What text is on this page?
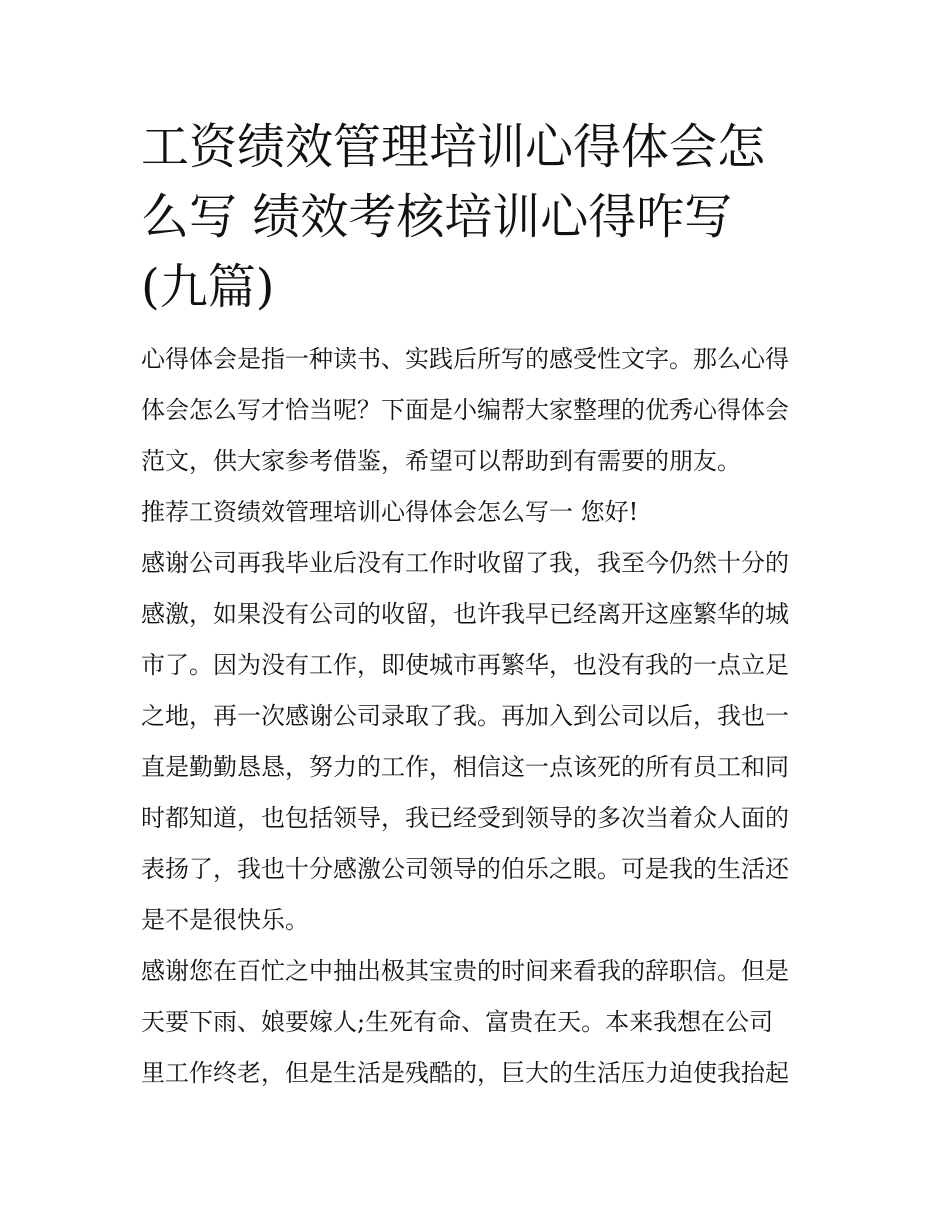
工资绩效管理培训心得体会怎
么写 绩效考核培训心得咋写
(九篇)

心得体会是指一种读书、实践后所写的感受性文字。那么心得
体会怎么写才恰当呢？下面是小编帮大家整理的优秀心得体会
范文，供大家参考借鉴，希望可以帮助到有需要的朋友。

推荐工资绩效管理培训心得体会怎么写一 您好!

感谢公司再我毕业后没有工作时收留了我，我至今仍然十分的
感激，如果没有公司的收留，也许我早已经离开这座繁华的城
市了。因为没有工作，即使城市再繁华，也没有我的一点立足
之地，再一次感谢公司录取了我。再加入到公司以后，我也一
直是勤勤恳恳，努力的工作，相信这一点该死的所有员工和同
时都知道，也包括领导，我已经受到领导的多次当着众人面的
表扬了，我也十分感激公司领导的伯乐之眼。可是我的生活还
是不是很快乐。

感谢您在百忙之中抽出极其宝贵的时间来看我的辞职信。但是
天要下雨、娘要嫁人;生死有命、富贵在天。本来我想在公司
里工作终老，但是生活是残酷的，巨大的生活压力迫使我抬起
